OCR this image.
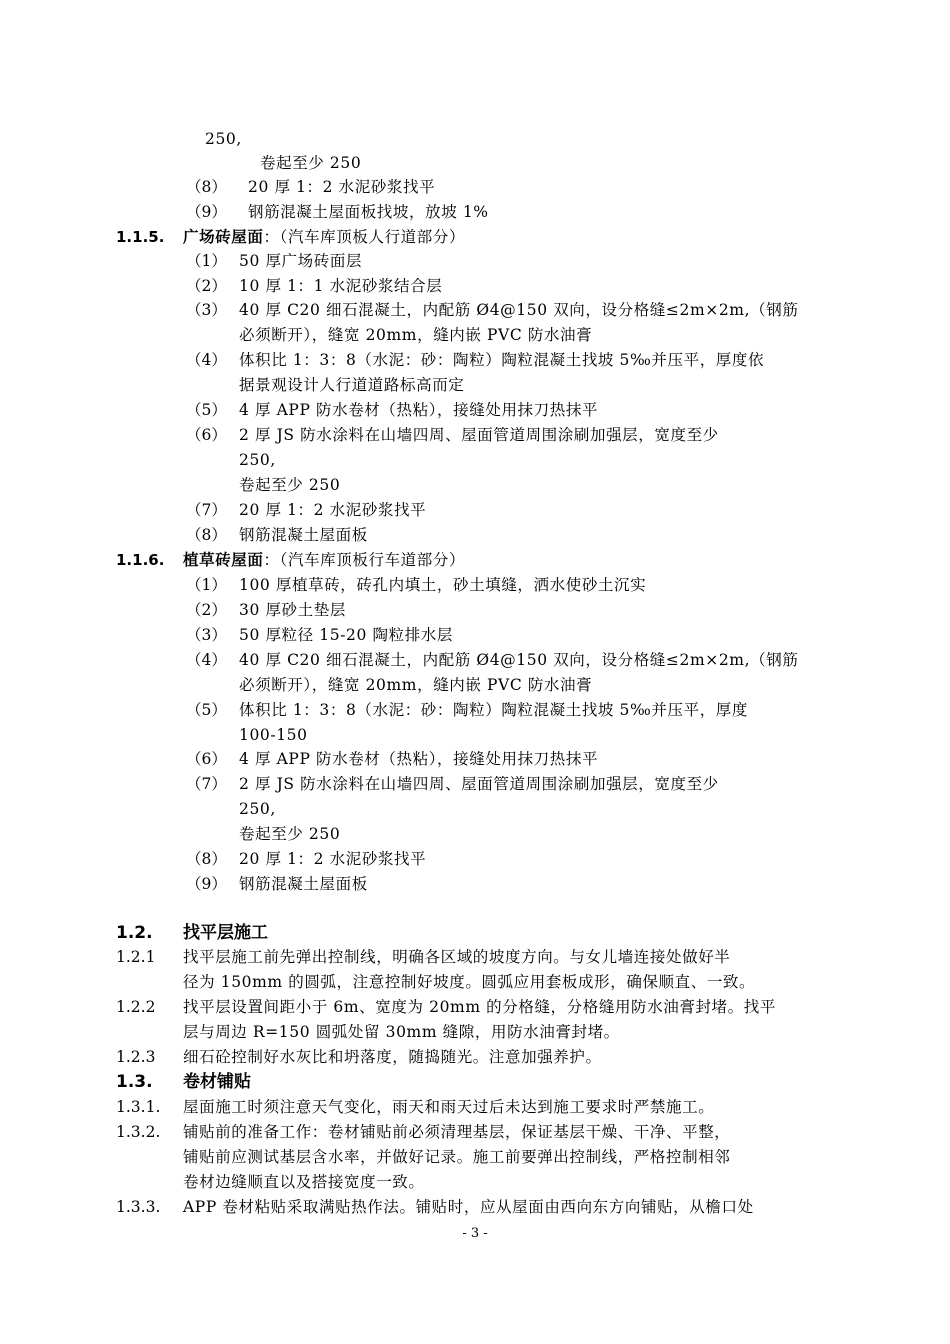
250,
卷起至少 250
（8） 20 厚 1：2 水泥砂浆找平
（9） 钢筋混凝土屋面板找坡，放坡 1%
1.1.5. 广场砖屋面：（汽车库顶板人行道部分）
（1） 50 厚广场砖面层
（2） 10 厚 1：1 水泥砂浆结合层
（3） 40 厚 C20 细石混凝土，内配筋 Ø4@150 双向，设分格缝≤2m×2m,（钢筋
必须断开），缝宽 20mm，缝内嵌 PVC 防水油膏
（4） 体积比 1：3：8（水泥：砂：陶粒）陶粒混凝土找坡 5‰并压平，厚度依
据景观设计人行道道路标高而定
（5） 4 厚 APP 防水卷材（热粘），接缝处用抹刀热抹平
（6） 2 厚 JS 防水涂料在山墙四周、屋面管道周围涂刷加强层，宽度至少
250,
卷起至少 250
（7） 20 厚 1：2 水泥砂浆找平
（8） 钢筋混凝土屋面板
1.1.6. 植草砖屋面：（汽车库顶板行车道部分）
（1） 100 厚植草砖，砖孔内填土，砂土填缝，洒水使砂土沉实
（2） 30 厚砂土垫层
（3） 50 厚粒径 15-20 陶粒排水层
（4） 40 厚 C20 细石混凝土，内配筋 Ø4@150 双向，设分格缝≤2m×2m,（钢筋
必须断开），缝宽 20mm，缝内嵌 PVC 防水油膏
（5） 体积比 1：3：8（水泥：砂：陶粒）陶粒混凝土找坡 5‰并压平，厚度
100-150
（6） 4 厚 APP 防水卷材（热粘），接缝处用抹刀热抹平
（7） 2 厚 JS 防水涂料在山墙四周、屋面管道周围涂刷加强层，宽度至少
250,
卷起至少 250
（8） 20 厚 1：2 水泥砂浆找平
（9） 钢筋混凝土屋面板
1.2. 找平层施工
1.2.1 找平层施工前先弹出控制线，明确各区域的坡度方向。与女儿墙连接处做好半
径为 150mm 的圆弧，注意控制好坡度。圆弧应用套板成形，确保顺直、一致。
1.2.2 找平层设置间距小于 6m、宽度为 20mm 的分格缝，分格缝用防水油膏封堵。找平
层与周边 R=150 圆弧处留 30mm 缝隙，用防水油膏封堵。
1.2.3 细石砼控制好水灰比和坍落度，随捣随光。注意加强养护。
1.3. 卷材铺贴
1.3.1. 屋面施工时须注意天气变化，雨天和雨天过后未达到施工要求时严禁施工。
1.3.2. 铺贴前的准备工作：卷材铺贴前必须清理基层，保证基层干燥、干净、平整，
铺贴前应测试基层含水率，并做好记录。施工前要弹出控制线，严格控制相邻
卷材边缝顺直以及搭接宽度一致。
1.3.3. APP 卷材粘贴采取满贴热作法。铺贴时，应从屋面由西向东方向铺贴，从檐口处
- 3 -
